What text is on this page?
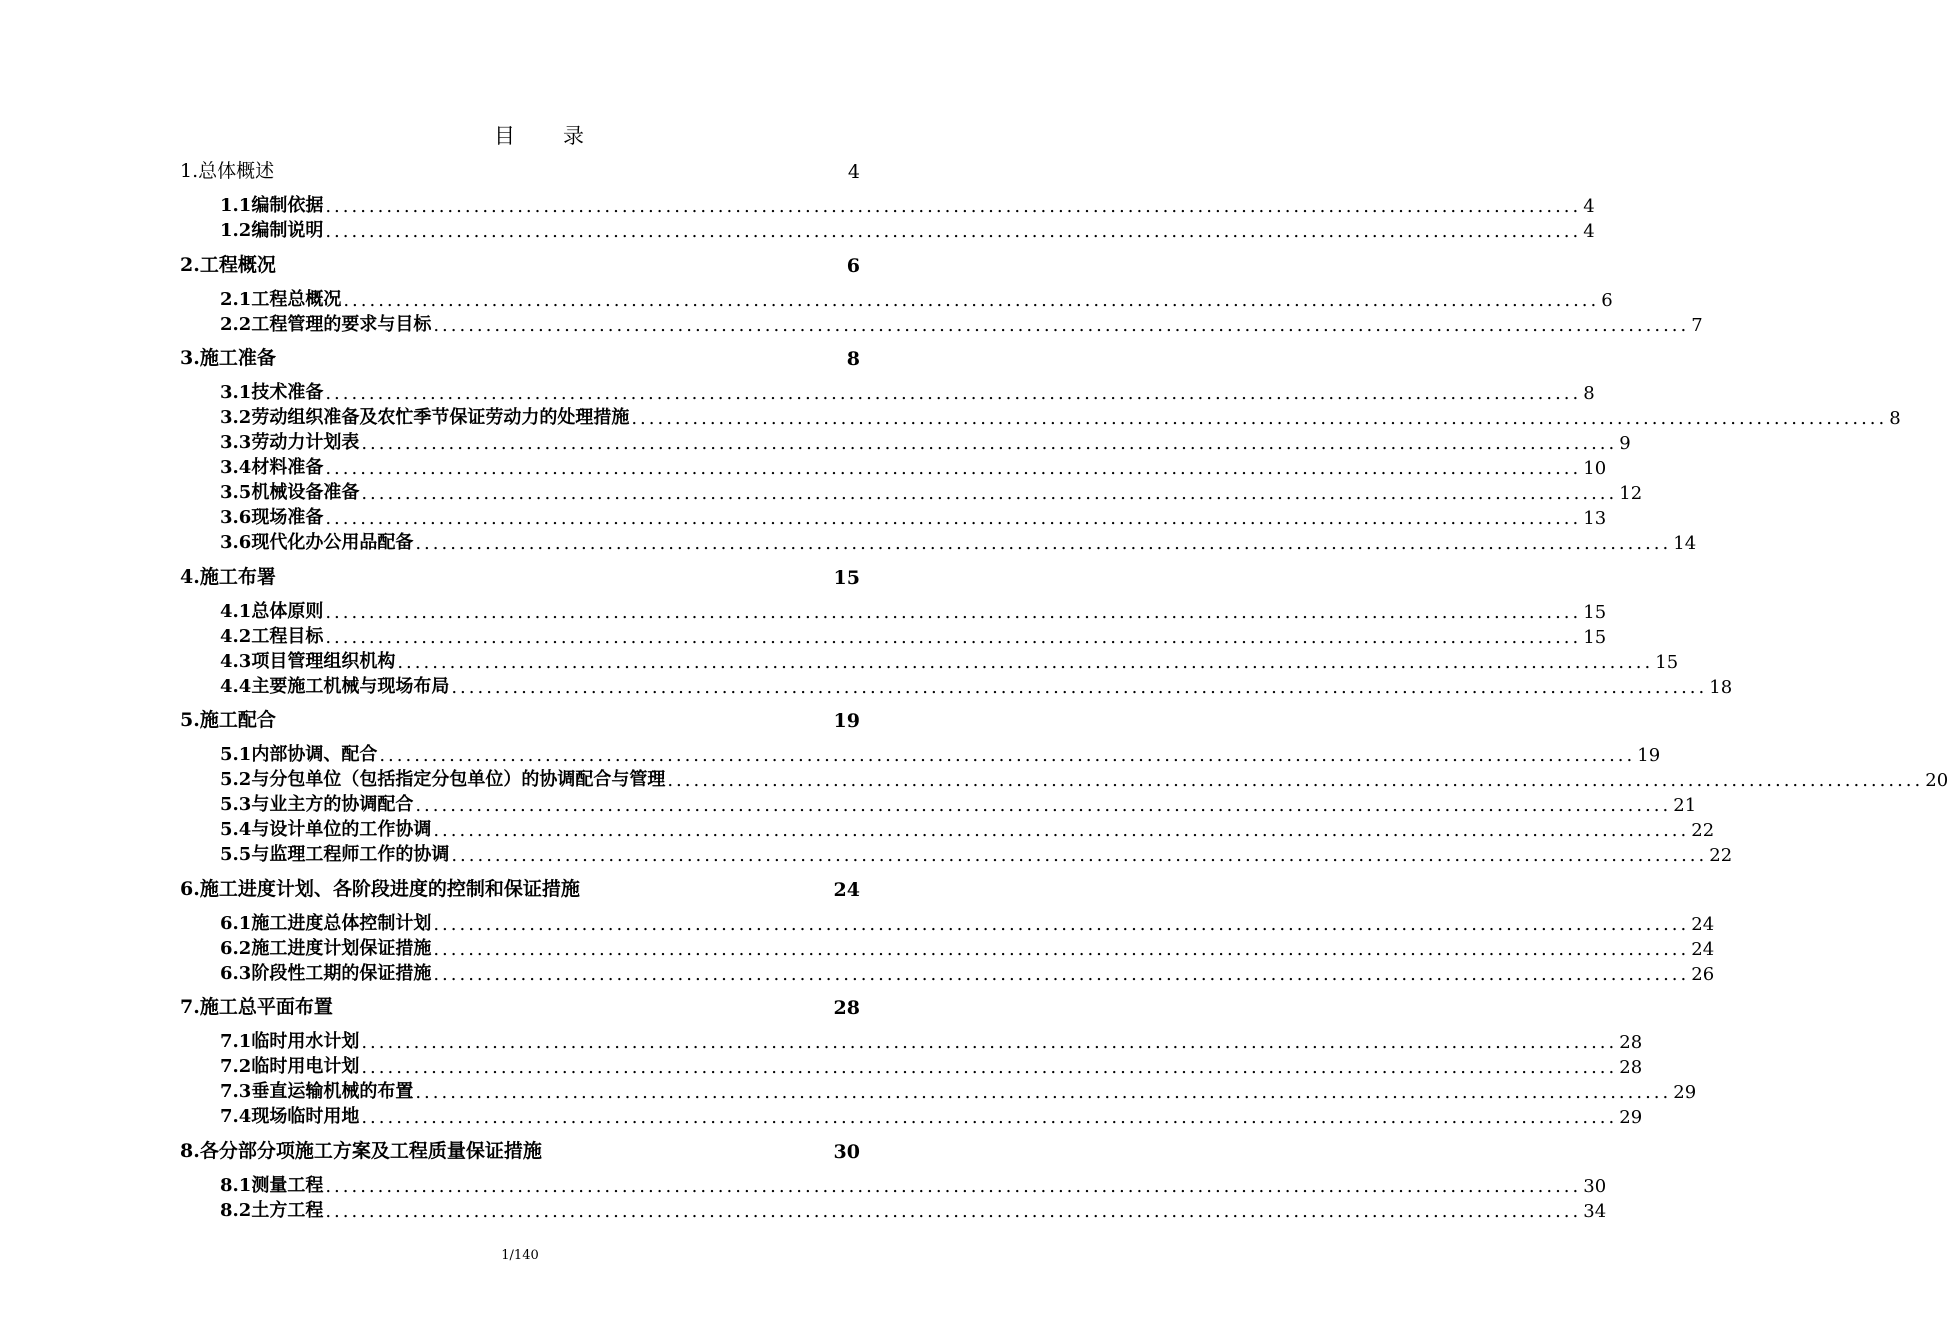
目　　录
1.总体概述	4
1.1编制依据 ................................................................................................................................................ 4
1.2编制说明 ................................................................................................................................................ 4
2.工程概况	6
2.1工程总概况 ................................................................................................................................................ 6
2.2工程管理的要求与目标 ................................................................................................................................................ 7
3.施工准备	8
3.1技术准备 ................................................................................................................................................ 8
3.2劳动组织准备及农忙季节保证劳动力的处理措施 ................................................................................................................................................ 8
3.3劳动力计划表 ................................................................................................................................................ 9
3.4材料准备 ................................................................................................................................................ 10
3.5机械设备准备 ................................................................................................................................................ 12
3.6现场准备 ................................................................................................................................................ 13
3.6现代化办公用品配备 ................................................................................................................................................ 14
4.施工布署	15
4.1总体原则 ................................................................................................................................................ 15
4.2工程目标 ................................................................................................................................................ 15
4.3项目管理组织机构 ................................................................................................................................................ 15
4.4主要施工机械与现场布局 ................................................................................................................................................ 18
5.施工配合	19
5.1内部协调、配合 ................................................................................................................................................ 19
5.2与分包单位（包括指定分包单位）的协调配合与管理 ................................................................................................................................................ 20
5.3与业主方的协调配合 ................................................................................................................................................ 21
5.4与设计单位的工作协调 ................................................................................................................................................ 22
5.5与监理工程师工作的协调 ................................................................................................................................................ 22
6.施工进度计划、各阶段进度的控制和保证措施	24
6.1施工进度总体控制计划 ................................................................................................................................................ 24
6.2施工进度计划保证措施 ................................................................................................................................................ 24
6.3阶段性工期的保证措施 ................................................................................................................................................ 26
7.施工总平面布置	28
7.1临时用水计划 ................................................................................................................................................ 28
7.2临时用电计划 ................................................................................................................................................ 28
7.3垂直运输机械的布置 ................................................................................................................................................ 29
7.4现场临时用地 ................................................................................................................................................ 29
8.各分部分项施工方案及工程质量保证措施	30
8.1测量工程 ................................................................................................................................................ 30
8.2土方工程 ................................................................................................................................................ 34
1/140
